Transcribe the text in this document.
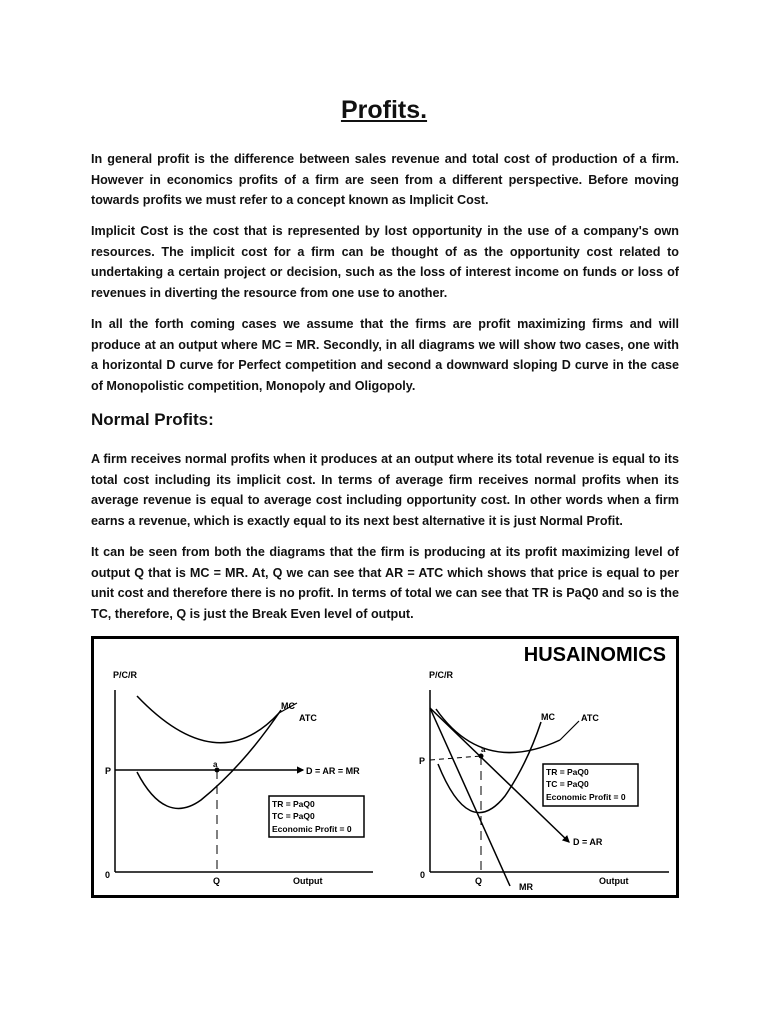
Profits.

In general profit is the difference between sales revenue and total cost of production of a firm. However in economics profits of a firm are seen from a different perspective. Before moving towards profits we must refer to a concept known as Implicit Cost.

Implicit Cost is the cost that is represented by lost opportunity in the use of a company's own resources. The implicit cost for a firm can be thought of as the opportunity cost related to undertaking a certain project or decision, such as the loss of interest income on funds or loss of revenues in diverting the resource from one use to another.

In all the forth coming cases we assume that the firms are profit maximizing firms and will produce at an output where MC = MR. Secondly, in all diagrams we will show two cases, one with a horizontal D curve for Perfect competition and second a downward sloping D curve in the case of Monopolistic competition, Monopoly and Oligopoly.

Normal Profits:

A firm receives normal profits when it produces at an output where its total revenue is equal to its total cost including its implicit cost. In terms of average firm receives normal profits when its average revenue is equal to average cost including opportunity cost. In other words when a firm earns a revenue, which is exactly equal to its next best alternative it is just Normal Profit.

It can be seen from both the diagrams that the firm is producing at its profit maximizing level of output Q that is MC = MR. At, Q we can see that AR = ATC which shows that price is equal to per unit cost and therefore there is no profit. In terms of total we can see that TR is PaQ0 and so is the TC, therefore, Q is just the Break Even level of output.

HUSAINOMICS
P/C/R
0
Output
P
Q
D = AR = MR
ATC
MC
a
TR = PaQ0
TC = PaQ0
Economic Profit = 0
P/C/R
0
Output
P
Q
D = AR
MR
ATC
MC
a
TR = PaQ0
TC = PaQ0
Economic Profit = 0
